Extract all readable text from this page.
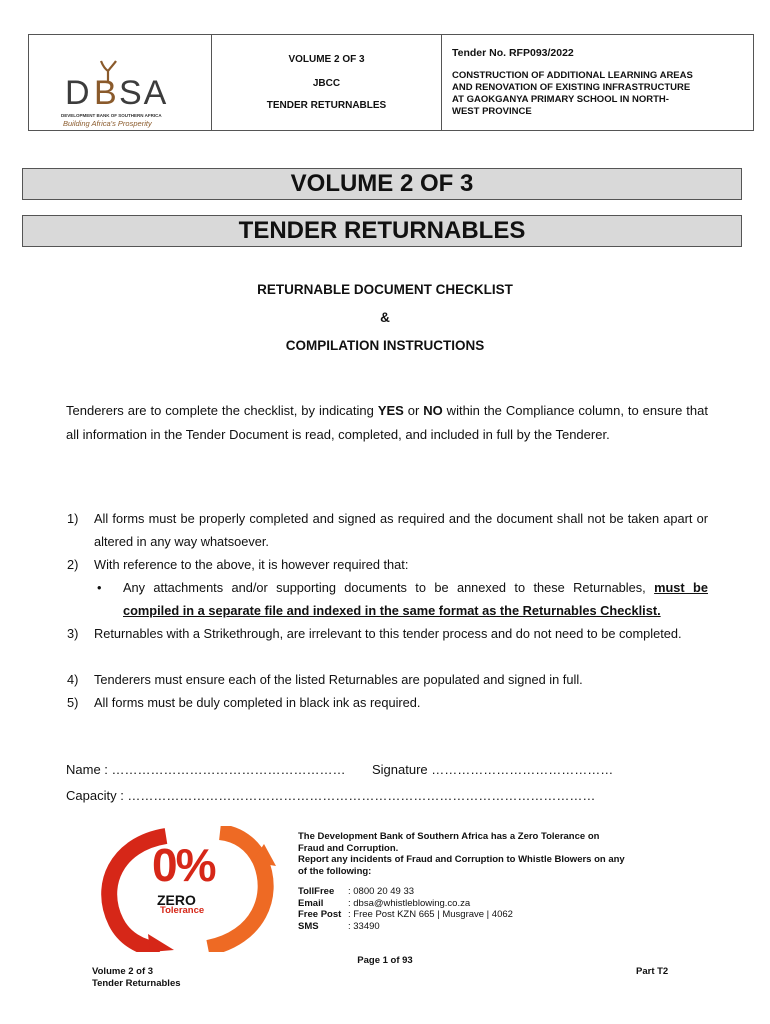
D B SA
DEVELOPMENT BANK OF SOUTHERN AFRICA
Building Africa's Prosperity
VOLUME 2 OF 3
JBCC
TENDER RETURNABLES
Tender No. RFP093/2022
CONSTRUCTION OF ADDITIONAL LEARNING AREAS
AND RENOVATION OF EXISTING INFRASTRUCTURE
AT GAOKGANYA PRIMARY SCHOOL IN NORTH-
WEST PROVINCE
VOLUME 2 OF 3
TENDER RETURNABLES
RETURNABLE DOCUMENT CHECKLIST
&
COMPILATION INSTRUCTIONS
Tenderers are to complete the checklist, by indicating YES or NO within the Compliance column, to ensure that all information in the Tender Document is read, completed, and included in full by the Tenderer.
1) All forms must be properly completed and signed as required and the document shall not be taken apart or altered in any way whatsoever.
2) With reference to the above, it is however required that:
• Any attachments and/or supporting documents to be annexed to these Returnables, must be compiled in a separate file and indexed in the same format as the Returnables Checklist.
3) Returnables with a Strikethrough, are irrelevant to this tender process and do not need to be completed.
4) Tenderers must ensure each of the listed Returnables are populated and signed in full.
5) All forms must be duly completed in black ink as required.
Name : ……………………………………………… Signature ……………………………………
Capacity : ………………………………………………………………………………………………
0%
ZERO
Tolerance
The Development Bank of Southern Africa has a Zero Tolerance on
Fraud and Corruption.
Report any incidents of Fraud and Corruption to Whistle Blowers on any
of the following:
TollFree : 0800 20 49 33
Email	: dbsa@whistleblowing.co.za
Free Post : Free Post KZN 665 | Musgrave | 4062
SMS	: 33490
Page 1 of 93
Volume 2 of 3
Tender Returnables
Part T2
